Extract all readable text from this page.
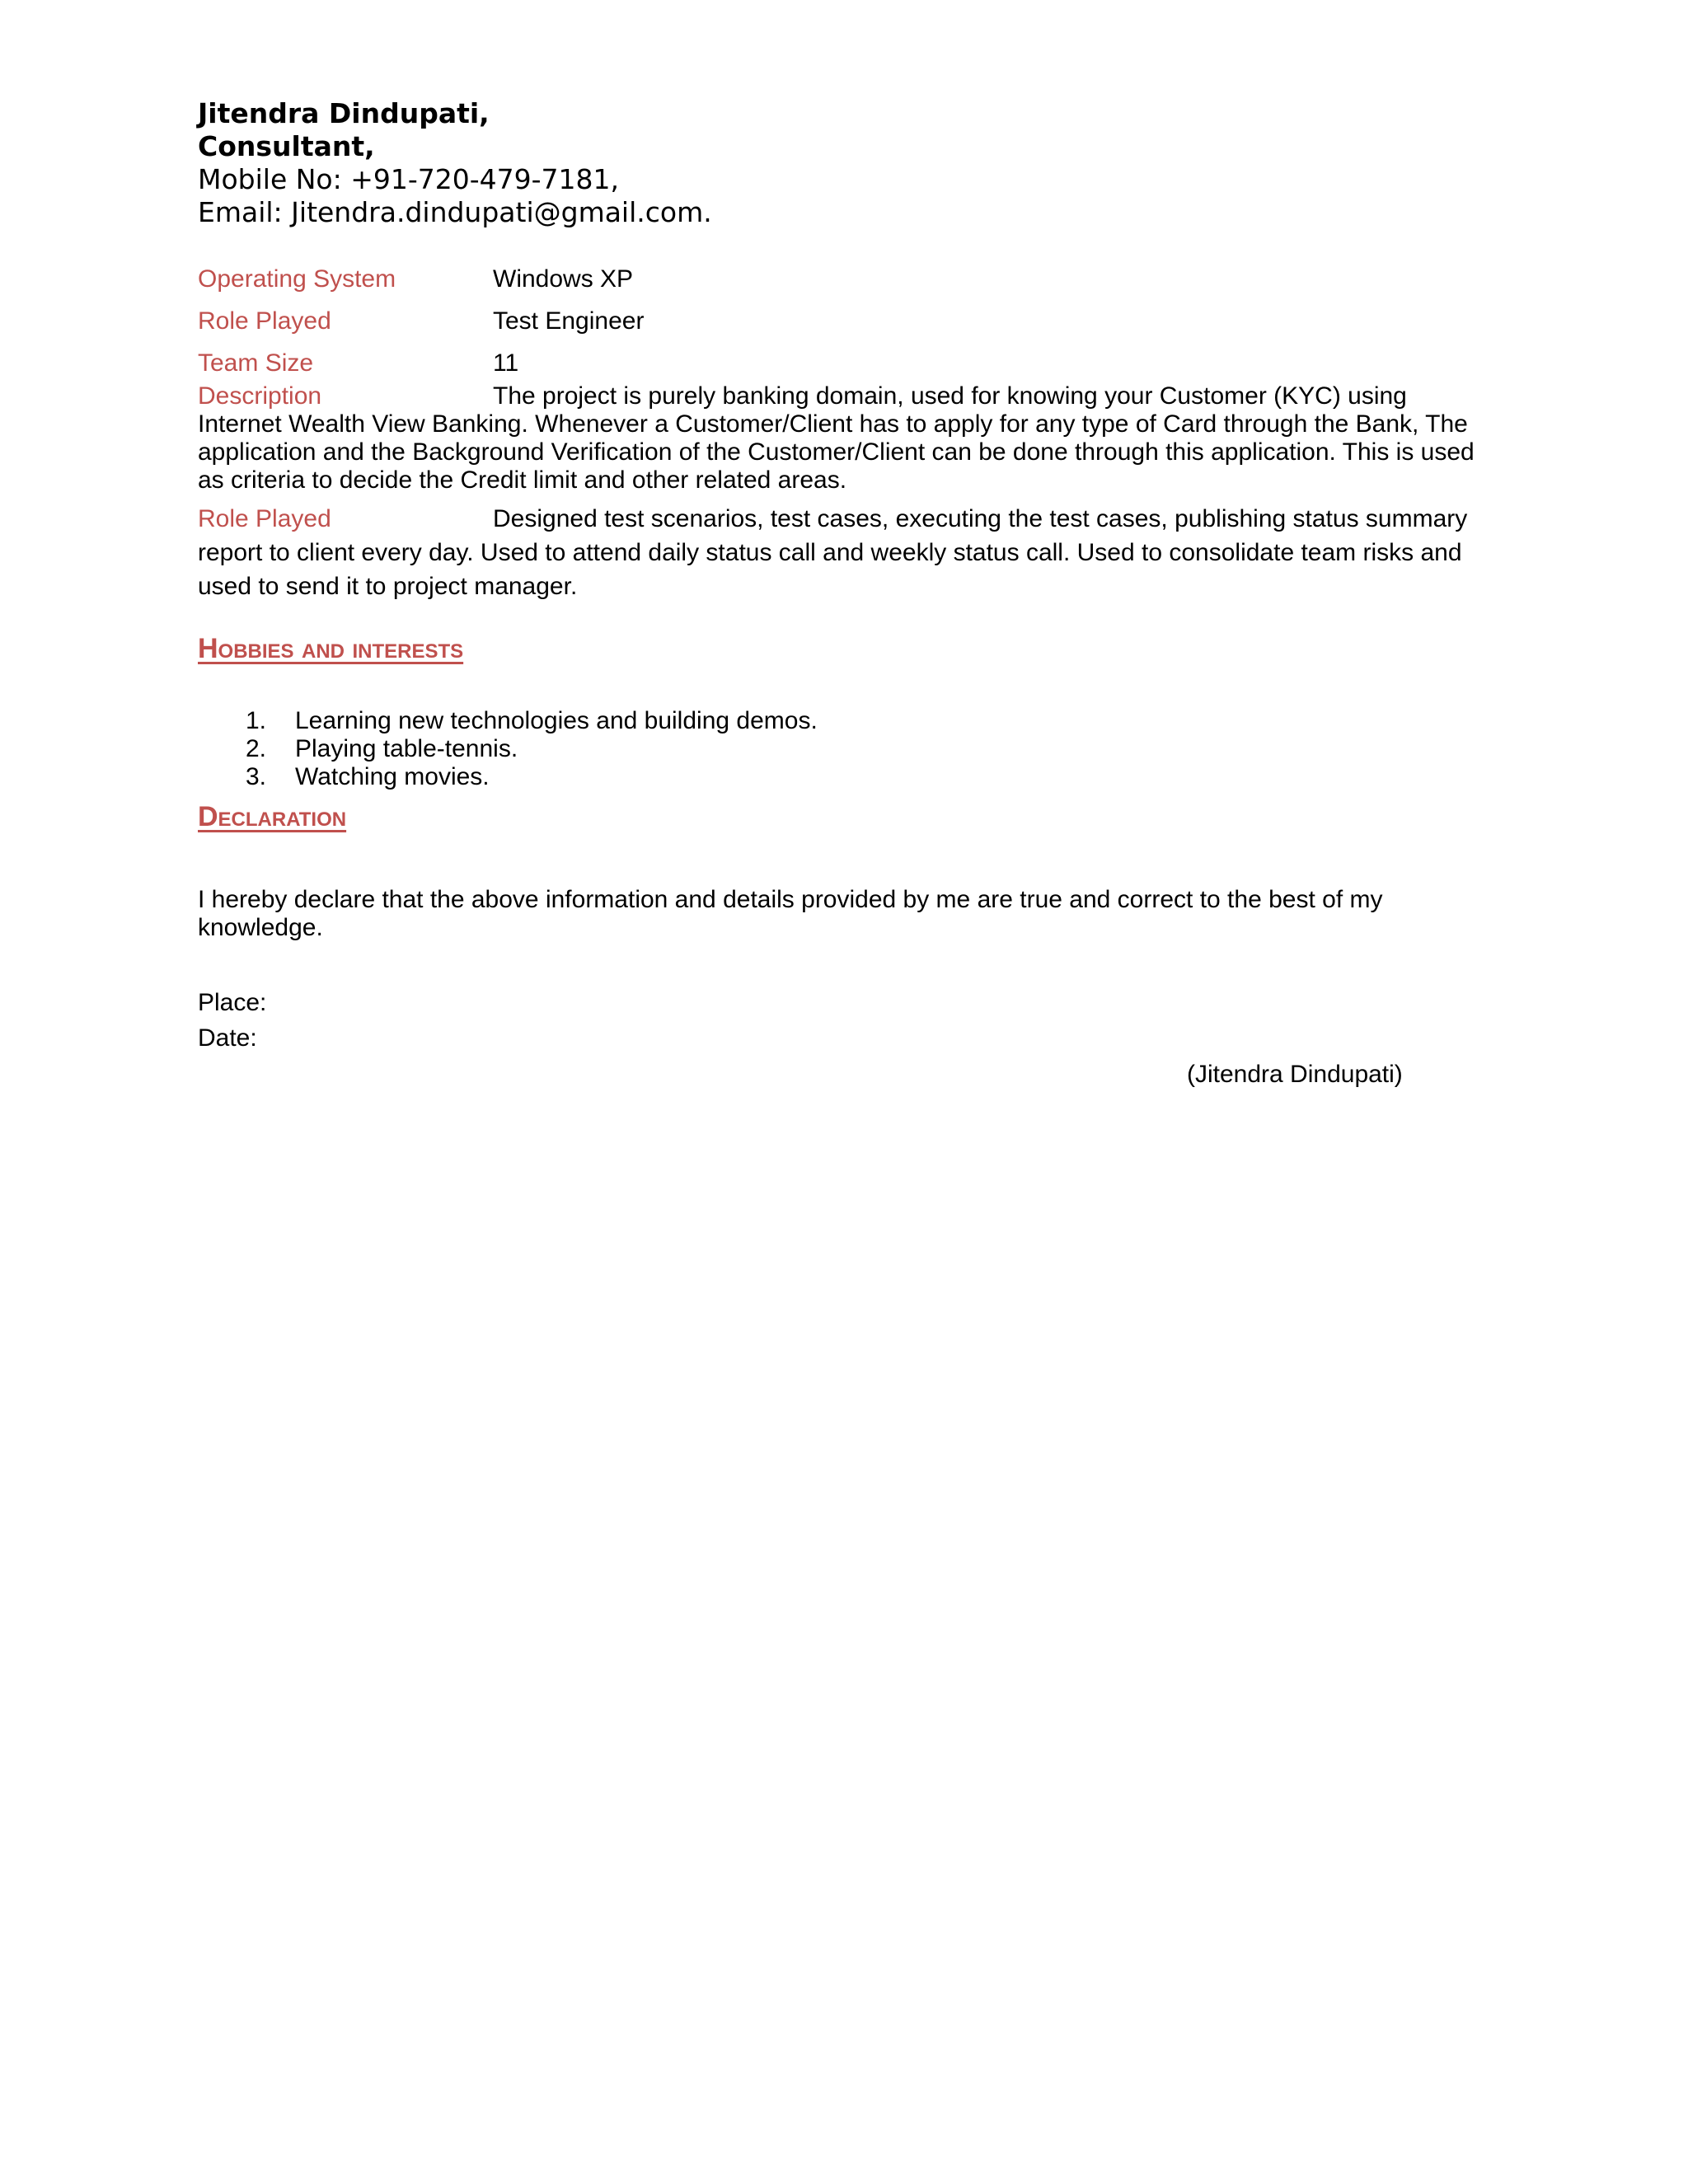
Jitendra Dindupati,
Consultant,
Mobile No: +91-720-479-7181,
Email: Jitendra.dindupati@gmail.com.
Operating System	Windows XP
Role Played	Test Engineer
Team Size	11
Description	The project is purely banking domain, used for knowing your Customer (KYC) using Internet Wealth View Banking. Whenever a Customer/Client has to apply for any type of Card through the Bank, The application and the Background Verification of the Customer/Client can be done through this application. This is used as criteria to decide the Credit limit and other related areas.
Role Played	Designed test scenarios, test cases, executing the test cases, publishing status summary report to client every day. Used to attend daily status call and weekly status call. Used to consolidate team risks and used to send it to project manager.
Hobbies and interests
1. Learning new technologies and building demos.
2. Playing table-tennis.
3. Watching movies.
Declaration
I hereby declare that the above information and details provided by me are true and correct to the best of my knowledge.
Place:
Date:
(Jitendra Dindupati)
